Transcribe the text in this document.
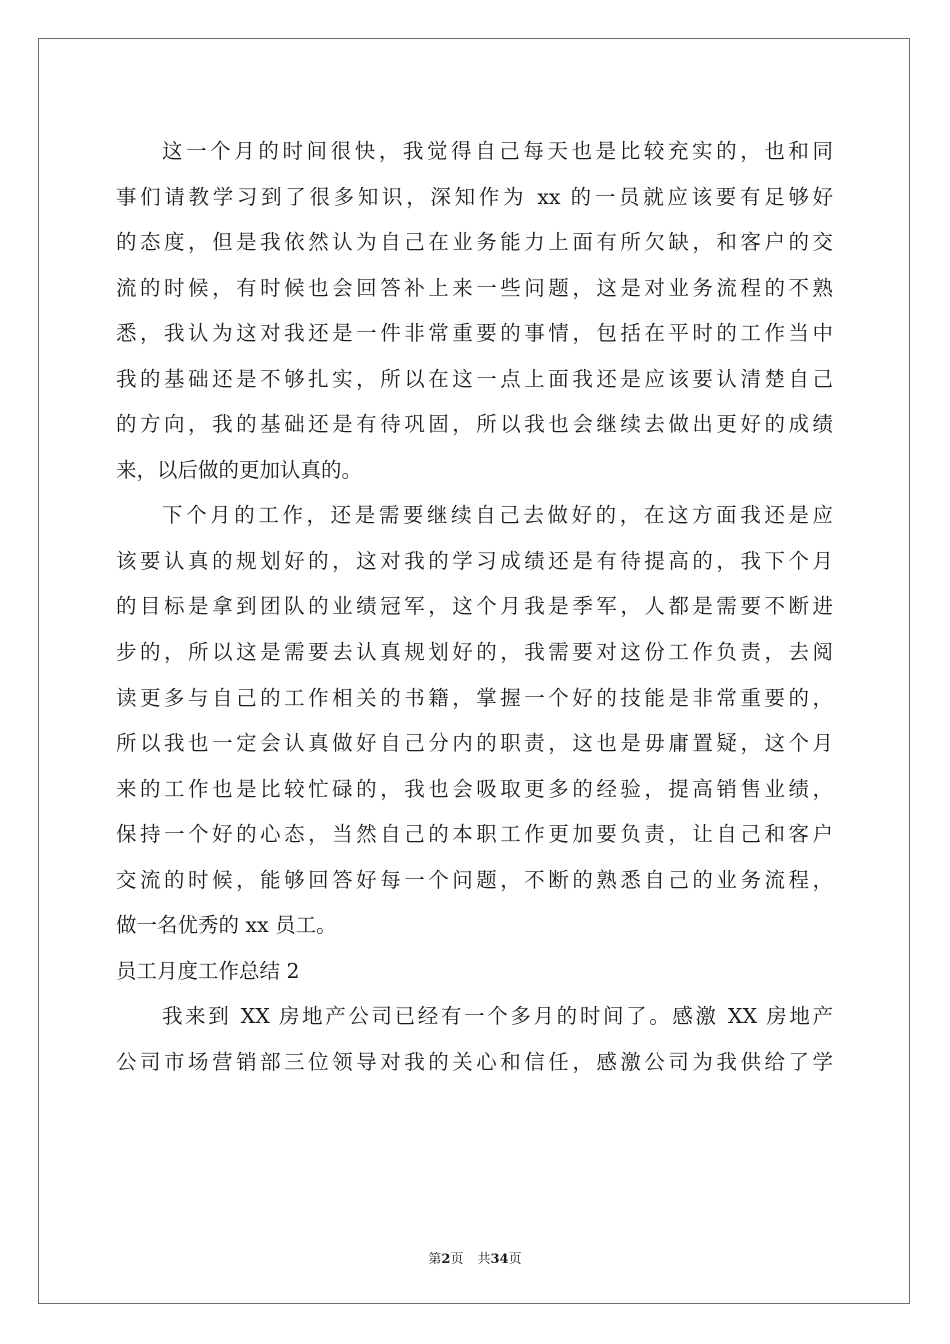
这一个月的时间很快，我觉得自己每天也是比较充实的，也和同
事们请教学习到了很多知识，深知作为 xx 的一员就应该要有足够好
的态度，但是我依然认为自己在业务能力上面有所欠缺，和客户的交
流的时候，有时候也会回答补上来一些问题，这是对业务流程的不熟
悉，我认为这对我还是一件非常重要的事情，包括在平时的工作当中
我的基础还是不够扎实，所以在这一点上面我还是应该要认清楚自己
的方向，我的基础还是有待巩固，所以我也会继续去做出更好的成绩
来，以后做的更加认真的。
下个月的工作，还是需要继续自己去做好的，在这方面我还是应
该要认真的规划好的，这对我的学习成绩还是有待提高的，我下个月
的目标是拿到团队的业绩冠军，这个月我是季军，人都是需要不断进
步的，所以这是需要去认真规划好的，我需要对这份工作负责，去阅
读更多与自己的工作相关的书籍，掌握一个好的技能是非常重要的，
所以我也一定会认真做好自己分内的职责，这也是毋庸置疑，这个月
来的工作也是比较忙碌的，我也会吸取更多的经验，提高销售业绩，
保持一个好的心态，当然自己的本职工作更加要负责，让自己和客户
交流的时候，能够回答好每一个问题，不断的熟悉自己的业务流程，
做一名优秀的 xx 员工。
员工月度工作总结 2
我来到 XX 房地产公司已经有一个多月的时间了。感激 XX 房地产
公司市场营销部三位领导对我的关心和信任，感激公司为我供给了学
第2页 共34页
